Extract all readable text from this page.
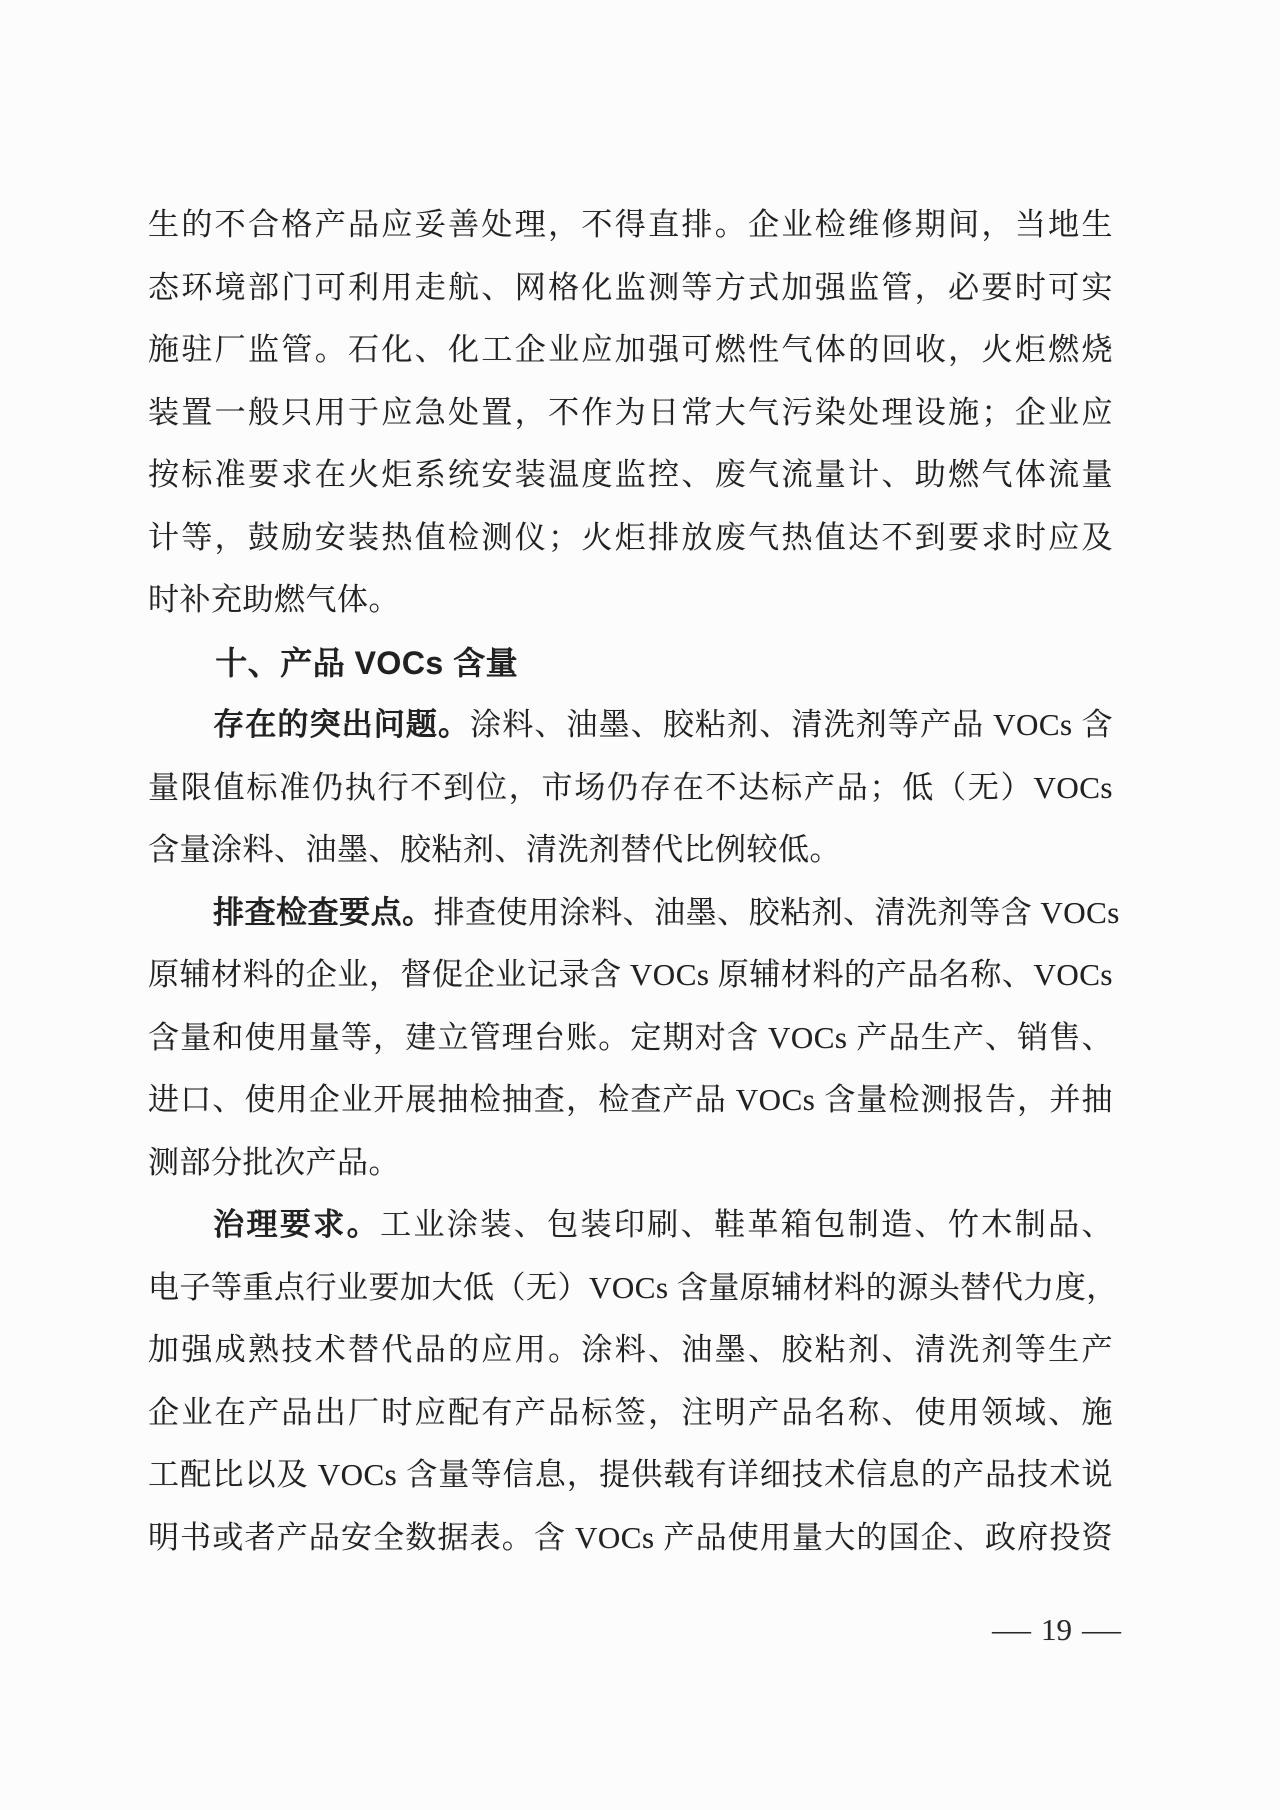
生的不合格产品应妥善处理，不得直排。企业检维修期间，当地生
态环境部门可利用走航、网格化监测等方式加强监管，必要时可实
施驻厂监管。石化、化工企业应加强可燃性气体的回收，火炬燃烧
装置一般只用于应急处置，不作为日常大气污染处理设施；企业应
按标准要求在火炬系统安装温度监控、废气流量计、助燃气体流量
计等，鼓励安装热值检测仪；火炬排放废气热值达不到要求时应及
时补充助燃气体。
十、产品 VOCs 含量
存在的突出问题。涂料、油墨、胶粘剂、清洗剂等产品 VOCs 含
量限值标准仍执行不到位，市场仍存在不达标产品；低（无）VOCs
含量涂料、油墨、胶粘剂、清洗剂替代比例较低。
排查检查要点。排查使用涂料、油墨、胶粘剂、清洗剂等含 VOCs
原辅材料的企业，督促企业记录含 VOCs 原辅材料的产品名称、VOCs
含量和使用量等，建立管理台账。定期对含 VOCs 产品生产、销售、
进口、使用企业开展抽检抽查，检查产品 VOCs 含量检测报告，并抽
测部分批次产品。
治理要求。工业涂装、包装印刷、鞋革箱包制造、竹木制品、
电子等重点行业要加大低（无）VOCs 含量原辅材料的源头替代力度，
加强成熟技术替代品的应用。涂料、油墨、胶粘剂、清洗剂等生产
企业在产品出厂时应配有产品标签，注明产品名称、使用领域、施
工配比以及 VOCs 含量等信息，提供载有详细技术信息的产品技术说
明书或者产品安全数据表。含 VOCs 产品使用量大的国企、政府投资
— 19 —
